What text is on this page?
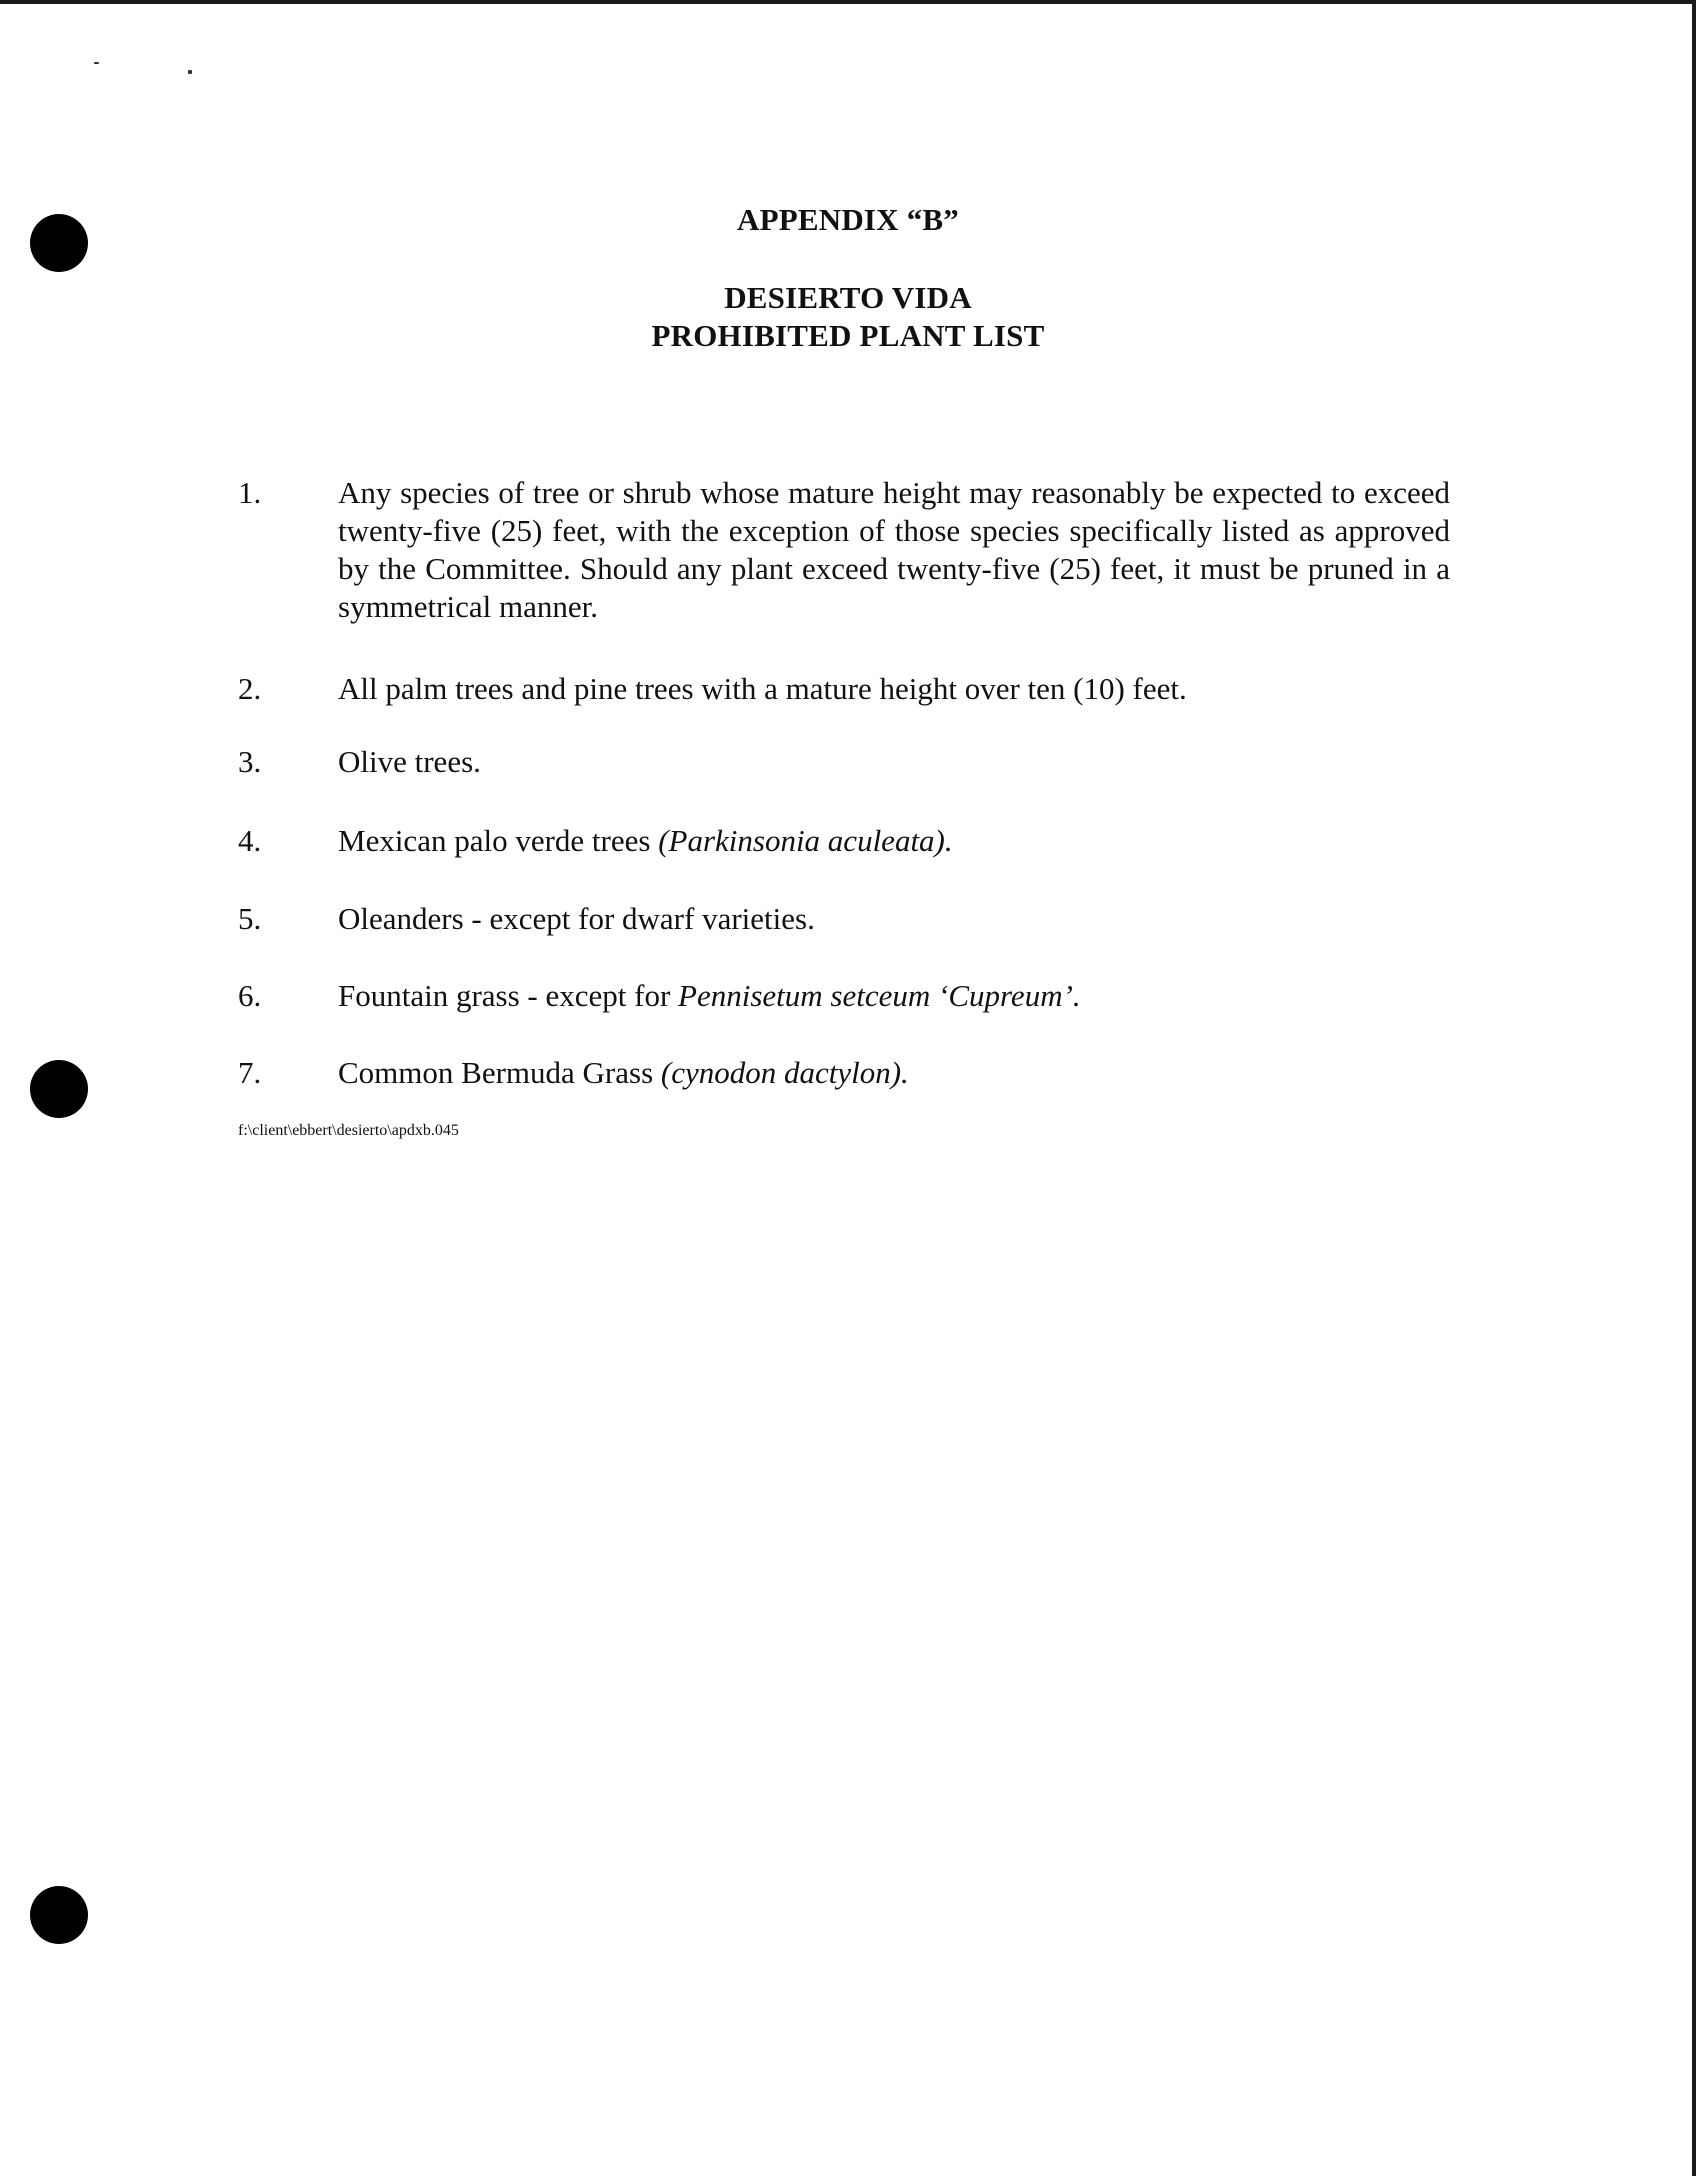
APPENDIX “B”
DESIERTO VIDA
PROHIBITED PLANT LIST
1. Any species of tree or shrub whose mature height may reasonably be expected to exceed twenty-five (25) feet, with the exception of those species specifically listed as approved by the Committee. Should any plant exceed twenty-five (25) feet, it must be pruned in a symmetrical manner.
2. All palm trees and pine trees with a mature height over ten (10) feet.
3. Olive trees.
4. Mexican palo verde trees (Parkinsonia aculeata).
5. Oleanders - except for dwarf varieties.
6. Fountain grass - except for Pennisetum setceum ‘Cupreum’.
7. Common Bermuda Grass (cynodon dactylon).
f:\client\ebbert\desierto\apdxb.045
